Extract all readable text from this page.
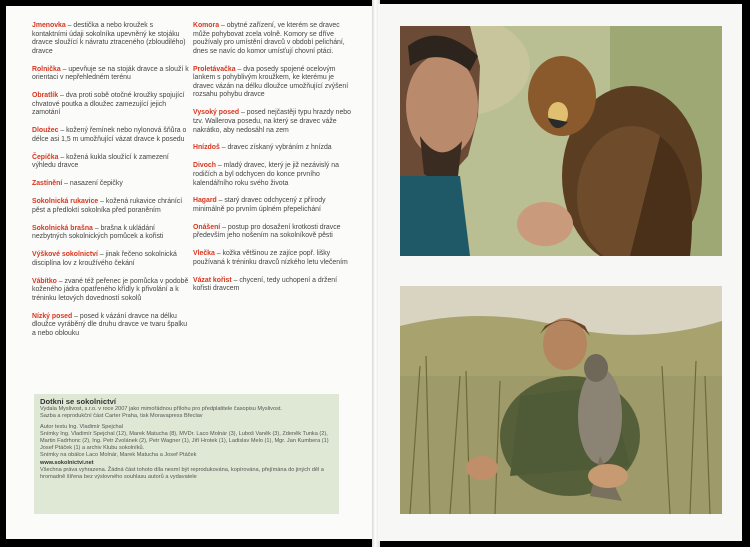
Jmenovka – destička a nebo kroužek s kontaktními údaji sokolníka upevněný ke stojáku dravce sloužící k návratu ztraceného (zbloudilého) dravce

Rolnička – upevňuje se na stoják dravce a slouží k orientaci v nepřehledném terénu

Obratlík – dva proti sobě otočné kroužky spojující chvatové poutka a dloužec zamezující jejich zamotání

Dloužec – kožený řemínek nebo nylonová šňůra o délce asi 1,5 m umožňující vázat dravce k posedu

Čepička – kožená kukla sloužící k zamezení výhledu dravce

Zastínění – nasazení čepičky

Sokolnická rukavice – kožená rukavice chránící pěst a předloktí sokolníka před poraněním

Sokolnická brašna – brašna k ukládání nezbytných sokolnických pomůcek a kořisti

Výškové sokolnictví – jinak řečeno sokolnická disciplína lov z kroužívého čekání

Vábítko – zvané též peřenec je pomůcka v podobě koženého jádra opatřeného křídly k přivolání a k tréninku letových dovedností sokolů

Nízký posed – posed k vázání dravce na délku dloužce vyráběný dle druhu dravce ve tvaru špalku a nebo oblouku

Komora – obytné zařízení, ve kterém se dravec může pohybovat zcela volně. Komory se dříve používaly pro umístění dravců v období pelichání, dnes se navíc do komor umísťují chovní ptáci.

Proletávačka – dva posedy spojené ocelovým lankem s pohyblivým kroužkem, ke kterému je dravec vázán na délku dloužce umožňující zvýšení rozsahu pohybu dravce

Vysoký posed – posed nejčastěji typu hrazdy nebo tzv. Wallerova posedu, na který se dravec váže nakrátko, aby nedosáhl na zem

Hnízdoš – dravec získaný vybráním z hnízda

Divoch – mladý dravec, který je již nezávislý na rodičích a byl odchycen do konce prvního kalendářního roku svého života

Hagard – starý dravec odchycený z přírody minimálně po prvním úplném přepelichání

Onášení – postup pro dosažení krotkosti dravce především jeho nošením na sokolníkově pěsti

Vlečka – kožka většinou ze zajíce popř. lišky používaná k tréninku dravců nízkého letu vlečením

Vázat kořist – chycení, tedy uchopení a držení kořisti dravcem

Dotkni se sokolnictví
Vydala Myslivost, s.r.o. v roce 2007 jako mimořádnou přílohu pro předplatitele časopisu Myslivost.
Sazba a reprodukční část Carter Praha, tisk Moravapress Břeclav
Autor textu Ing. Vladimír Spejchal
Snímky Ing. Vladimír Spejchal (12), Marek Matucha (8), MVDr. Laco Molnár (3), Luboš Vaněk (3), Zdeněk Tunka (2), Martin Fadrhonc (2), Ing. Petr Zvolánek (2), Petr Wagner (1), Jiří Hrotek (1), Ladislav Melo (1), Mgr. Jan Kumbera (1) Josef Ptáček (1) a archiv Klubu sokolníků.
Snímky na obálce Laco Molnár, Marek Matucha a Josef Ptáček
www.sokolnictvi.net
Všechna práva vyhrazena. Žádná část tohoto díla nesmí být reprodukována, kopírována, přejímána do jiných děl a hromadně šířena bez výslovného souhlasu autorů a vydavatele
